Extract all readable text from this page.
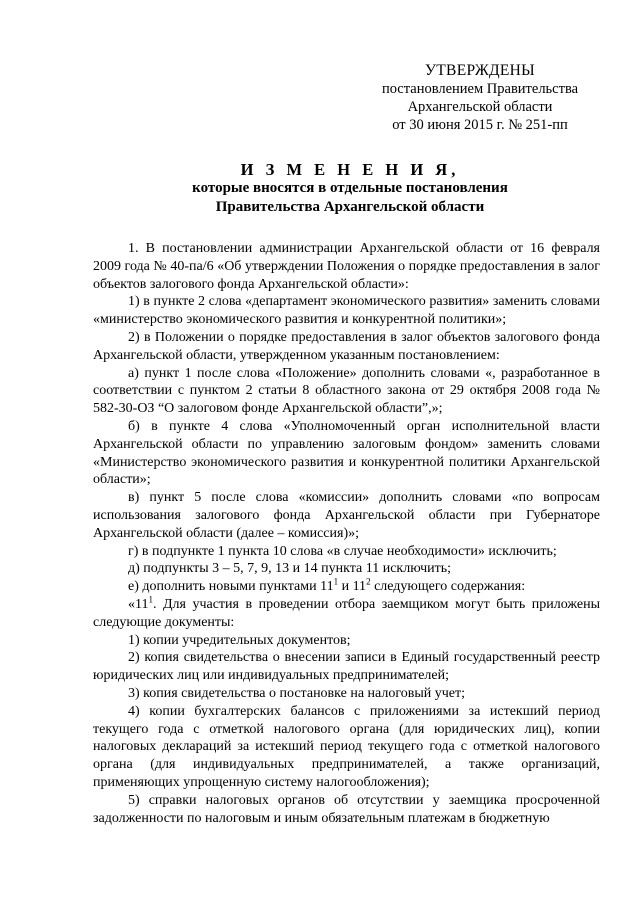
УТВЕРЖДЕНЫ
постановлением Правительства
Архангельской области
от 30 июня 2015 г. № 251-пп
И З М Е Н Е Н И Я,
которые вносятся в отдельные постановления
Правительства Архангельской области

1. В постановлении администрации Архангельской области от 16 февраля 2009 года № 40-па/6 «Об утверждении Положения о порядке предоставления в залог объектов залогового фонда Архангельской области»:

1) в пункте 2 слова «департамент экономического развития» заменить словами «министерство экономического развития и конкурентной политики»;

2) в Положении о порядке предоставления в залог объектов залогового фонда Архангельской области, утвержденном указанным постановлением:

а) пункт 1 после слова «Положение» дополнить словами «, разработанное в соответствии с пунктом 2 статьи 8 областного закона от 29 октября 2008 года № 582-30-ОЗ “О залоговом фонде Архангельской области”,»;

б) в пункте 4 слова «Уполномоченный орган исполнительной власти Архангельской области по управлению залоговым фондом» заменить словами «Министерство экономического развития и конкурентной политики Архангельской области»;

в) пункт 5 после слова «комиссии» дополнить словами «по вопросам использования залогового фонда Архангельской области при Губернаторе Архангельской области (далее – комиссия)»;

г) в подпункте 1 пункта 10 слова «в случае необходимости» исключить;

д) подпункты 3 – 5, 7, 9, 13 и 14 пункта 11 исключить;

е) дополнить новыми пунктами $11^1$ и $11^2$ следующего содержания:

«$11^1$. Для участия в проведении отбора заемщиком могут быть приложены следующие документы:

1) копии учредительных документов;

2) копия свидетельства о внесении записи в Единый государственный реестр юридических лиц или индивидуальных предпринимателей;

3) копия свидетельства о постановке на налоговый учет;

4) копии бухгалтерских балансов с приложениями за истекший период текущего года с отметкой налогового органа (для юридических лиц), копии налоговых деклараций за истекший период текущего года с отметкой налогового органа (для индивидуальных предпринимателей, а также организаций, применяющих упрощенную систему налогообложения);

5) справки налоговых органов об отсутствии у заемщика просроченной задолженности по налоговым и иным обязательным платежам в бюджетную
